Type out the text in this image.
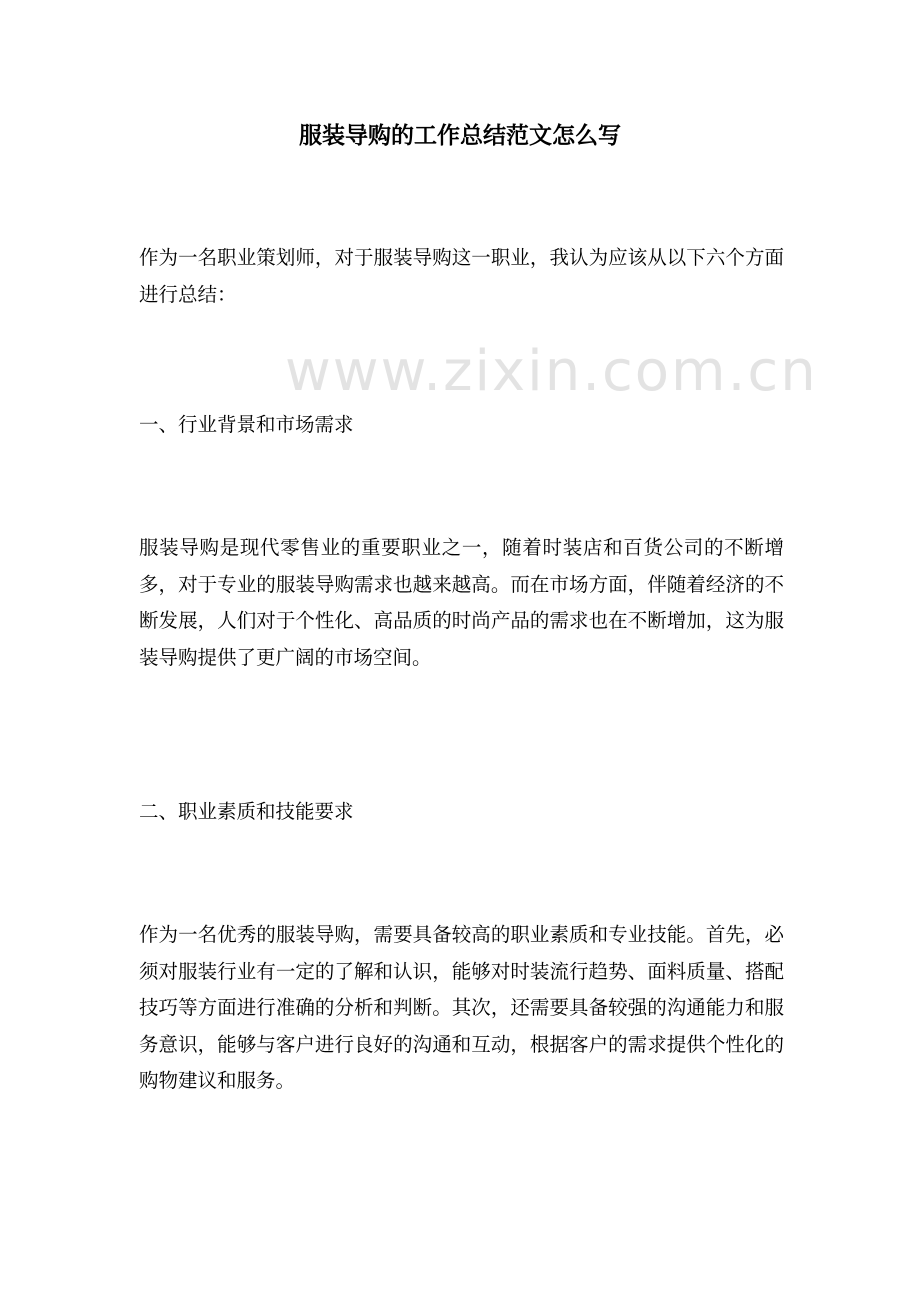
www.zixin.com.cn
服装导购的工作总结范文怎么写

作为一名职业策划师，对于服装导购这一职业，我认为应该从以下六个方面进行总结：

一、行业背景和市场需求

服装导购是现代零售业的重要职业之一，随着时装店和百货公司的不断增多，对于专业的服装导购需求也越来越高。而在市场方面，伴随着经济的不断发展，人们对于个性化、高品质的时尚产品的需求也在不断增加，这为服装导购提供了更广阔的市场空间。

二、职业素质和技能要求

作为一名优秀的服装导购，需要具备较高的职业素质和专业技能。首先，必须对服装行业有一定的了解和认识，能够对时装流行趋势、面料质量、搭配技巧等方面进行准确的分析和判断。其次，还需要具备较强的沟通能力和服务意识，能够与客户进行良好的沟通和互动，根据客户的需求提供个性化的购物建议和服务。
